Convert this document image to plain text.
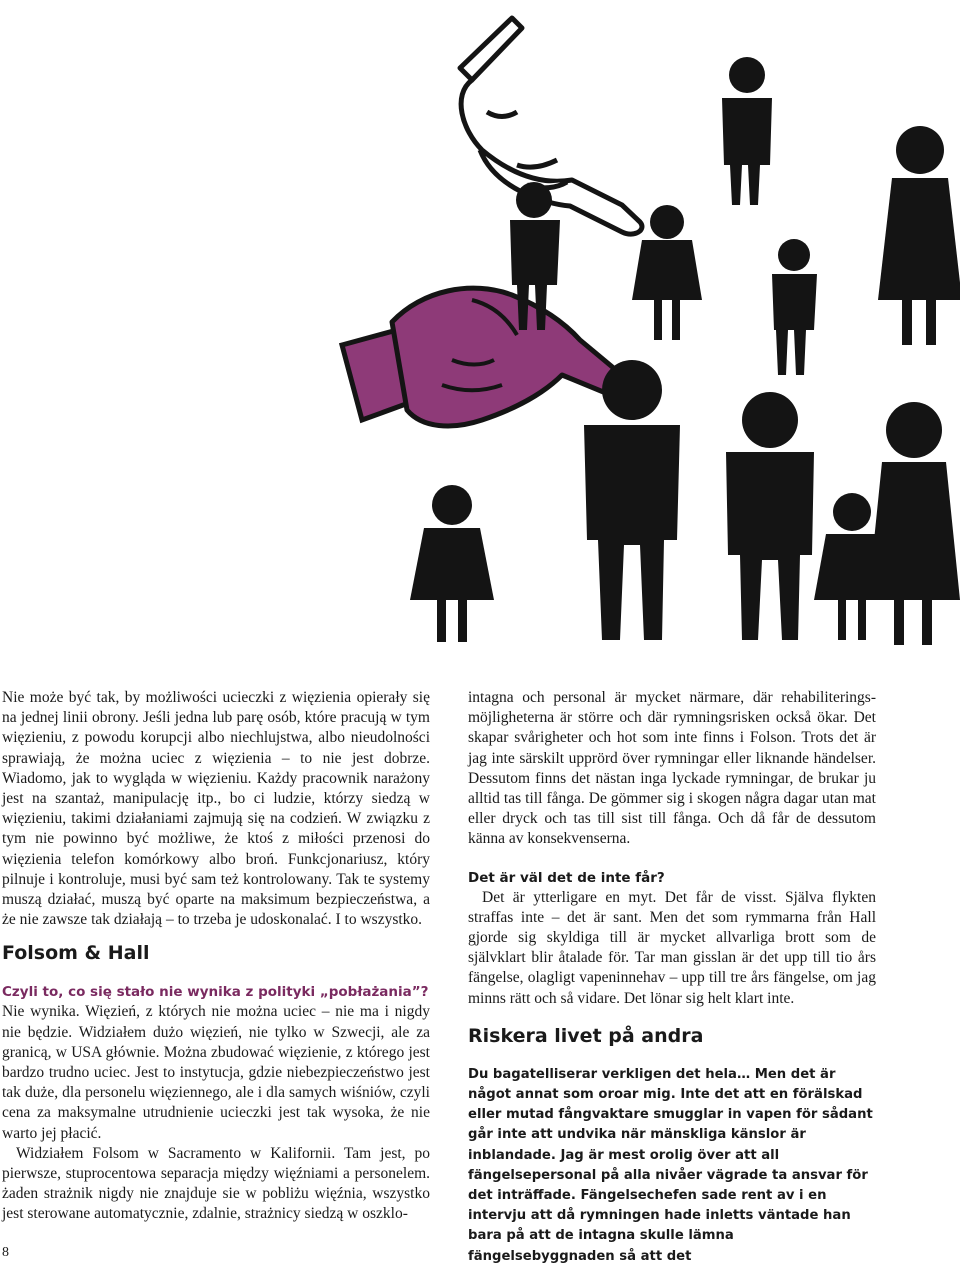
Nie może być tak, by możliwości ucieczki z więzienia opierały się na jednej linii obrony. Jeśli jedna lub parę osób, które pracują w tym więzieniu, z powodu korupcji albo niechlujstwa, albo nieudolności sprawiają, że można uciec z więzienia – to nie jest dobrze. Wiadomo, jak to wygląda w więzieniu. Każdy pracownik narażony jest na szantaż, manipulację itp., bo ci ludzie, którzy siedzą w więzieniu, takimi działaniami zajmują się na codzień. W związku z tym nie powinno być możliwe, że ktoś z miłości przenosi do więzienia telefon komórkowy albo broń. Funkcjonariusz, który pilnuje i kontroluje, musi być sam też kontrolowany. Tak te systemy muszą działać, muszą być oparte na maksimum bezpieczeństwa, a że nie zawsze tak działają – to trzeba je udoskonalać. I to wszystko.

Folsom & Hall

Czyli to, co się stało nie wynika z polityki „pobłażania”?

Nie wynika. Więzień, z których nie można uciec – nie ma i nigdy nie będzie. Widziałem dużo więzień, nie tylko w Szwecji, ale za granicą, w USA głównie. Można zbudować więzienie, z którego jest bardzo trudno uciec. Jest to instytucja, gdzie niebezpieczeństwo jest tak duże, dla personelu więziennego, ale i dla samych wiśniów, czyli cena za maksymalne utrudnienie ucieczki jest tak wysoka, że nie warto jej płacić.

Widziałem Folsom w Sacramento w Kalifornii. Tam jest, po pierwsze, stuprocentowa separacja między więźniami a personelem. żaden strażnik nigdy nie znajduje sie w pobliżu więźnia, wszystko jest sterowane automatycznie, zdalnie, strażnicy siedzą w oszklo-

intagna och personal är mycket närmare, där rehabiliterings-möjligheterna är större och där rymningsrisken också ökar. Det skapar svårigheter och hot som inte finns i Folson. Trots det är jag inte särskilt upprörd över rymningar eller liknande händelser. Dessutom finns det nästan inga lyckade rymningar, de brukar ju alltid tas till fånga. De gömmer sig i skogen några dagar utan mat eller dryck och tas till sist till fånga. Och då får de dessutom känna av konsekvenserna.

Det är väl det de inte får?

Det är ytterligare en myt. Det får de visst. Själva flykten straffas inte – det är sant. Men det som rymmarna från Hall gjorde sig skyldiga till är mycket allvarliga brott som de självklart blir åtalade för. Tar man gisslan är det upp till tio års fängelse, olagligt vapeninnehav – upp till tre års fängelse, om jag minns rätt och så vidare. Det lönar sig helt klart inte.

Riskera livet på andra

Du bagatelliserar verkligen det hela… Men det är något annat som oroar mig. Inte det att en förälskad eller mutad fångvaktare smugglar in vapen för sådant går inte att undvika när mänskliga känslor är inblandade. Jag är mest orolig över att all fängelsepersonal på alla nivåer vägrade ta ansvar för det inträffade. Fängelsechefen sade rent av i en intervju att då rymningen hade inletts väntade han bara på att de intagna skulle lämna fängelsebyggnaden så att det

8
